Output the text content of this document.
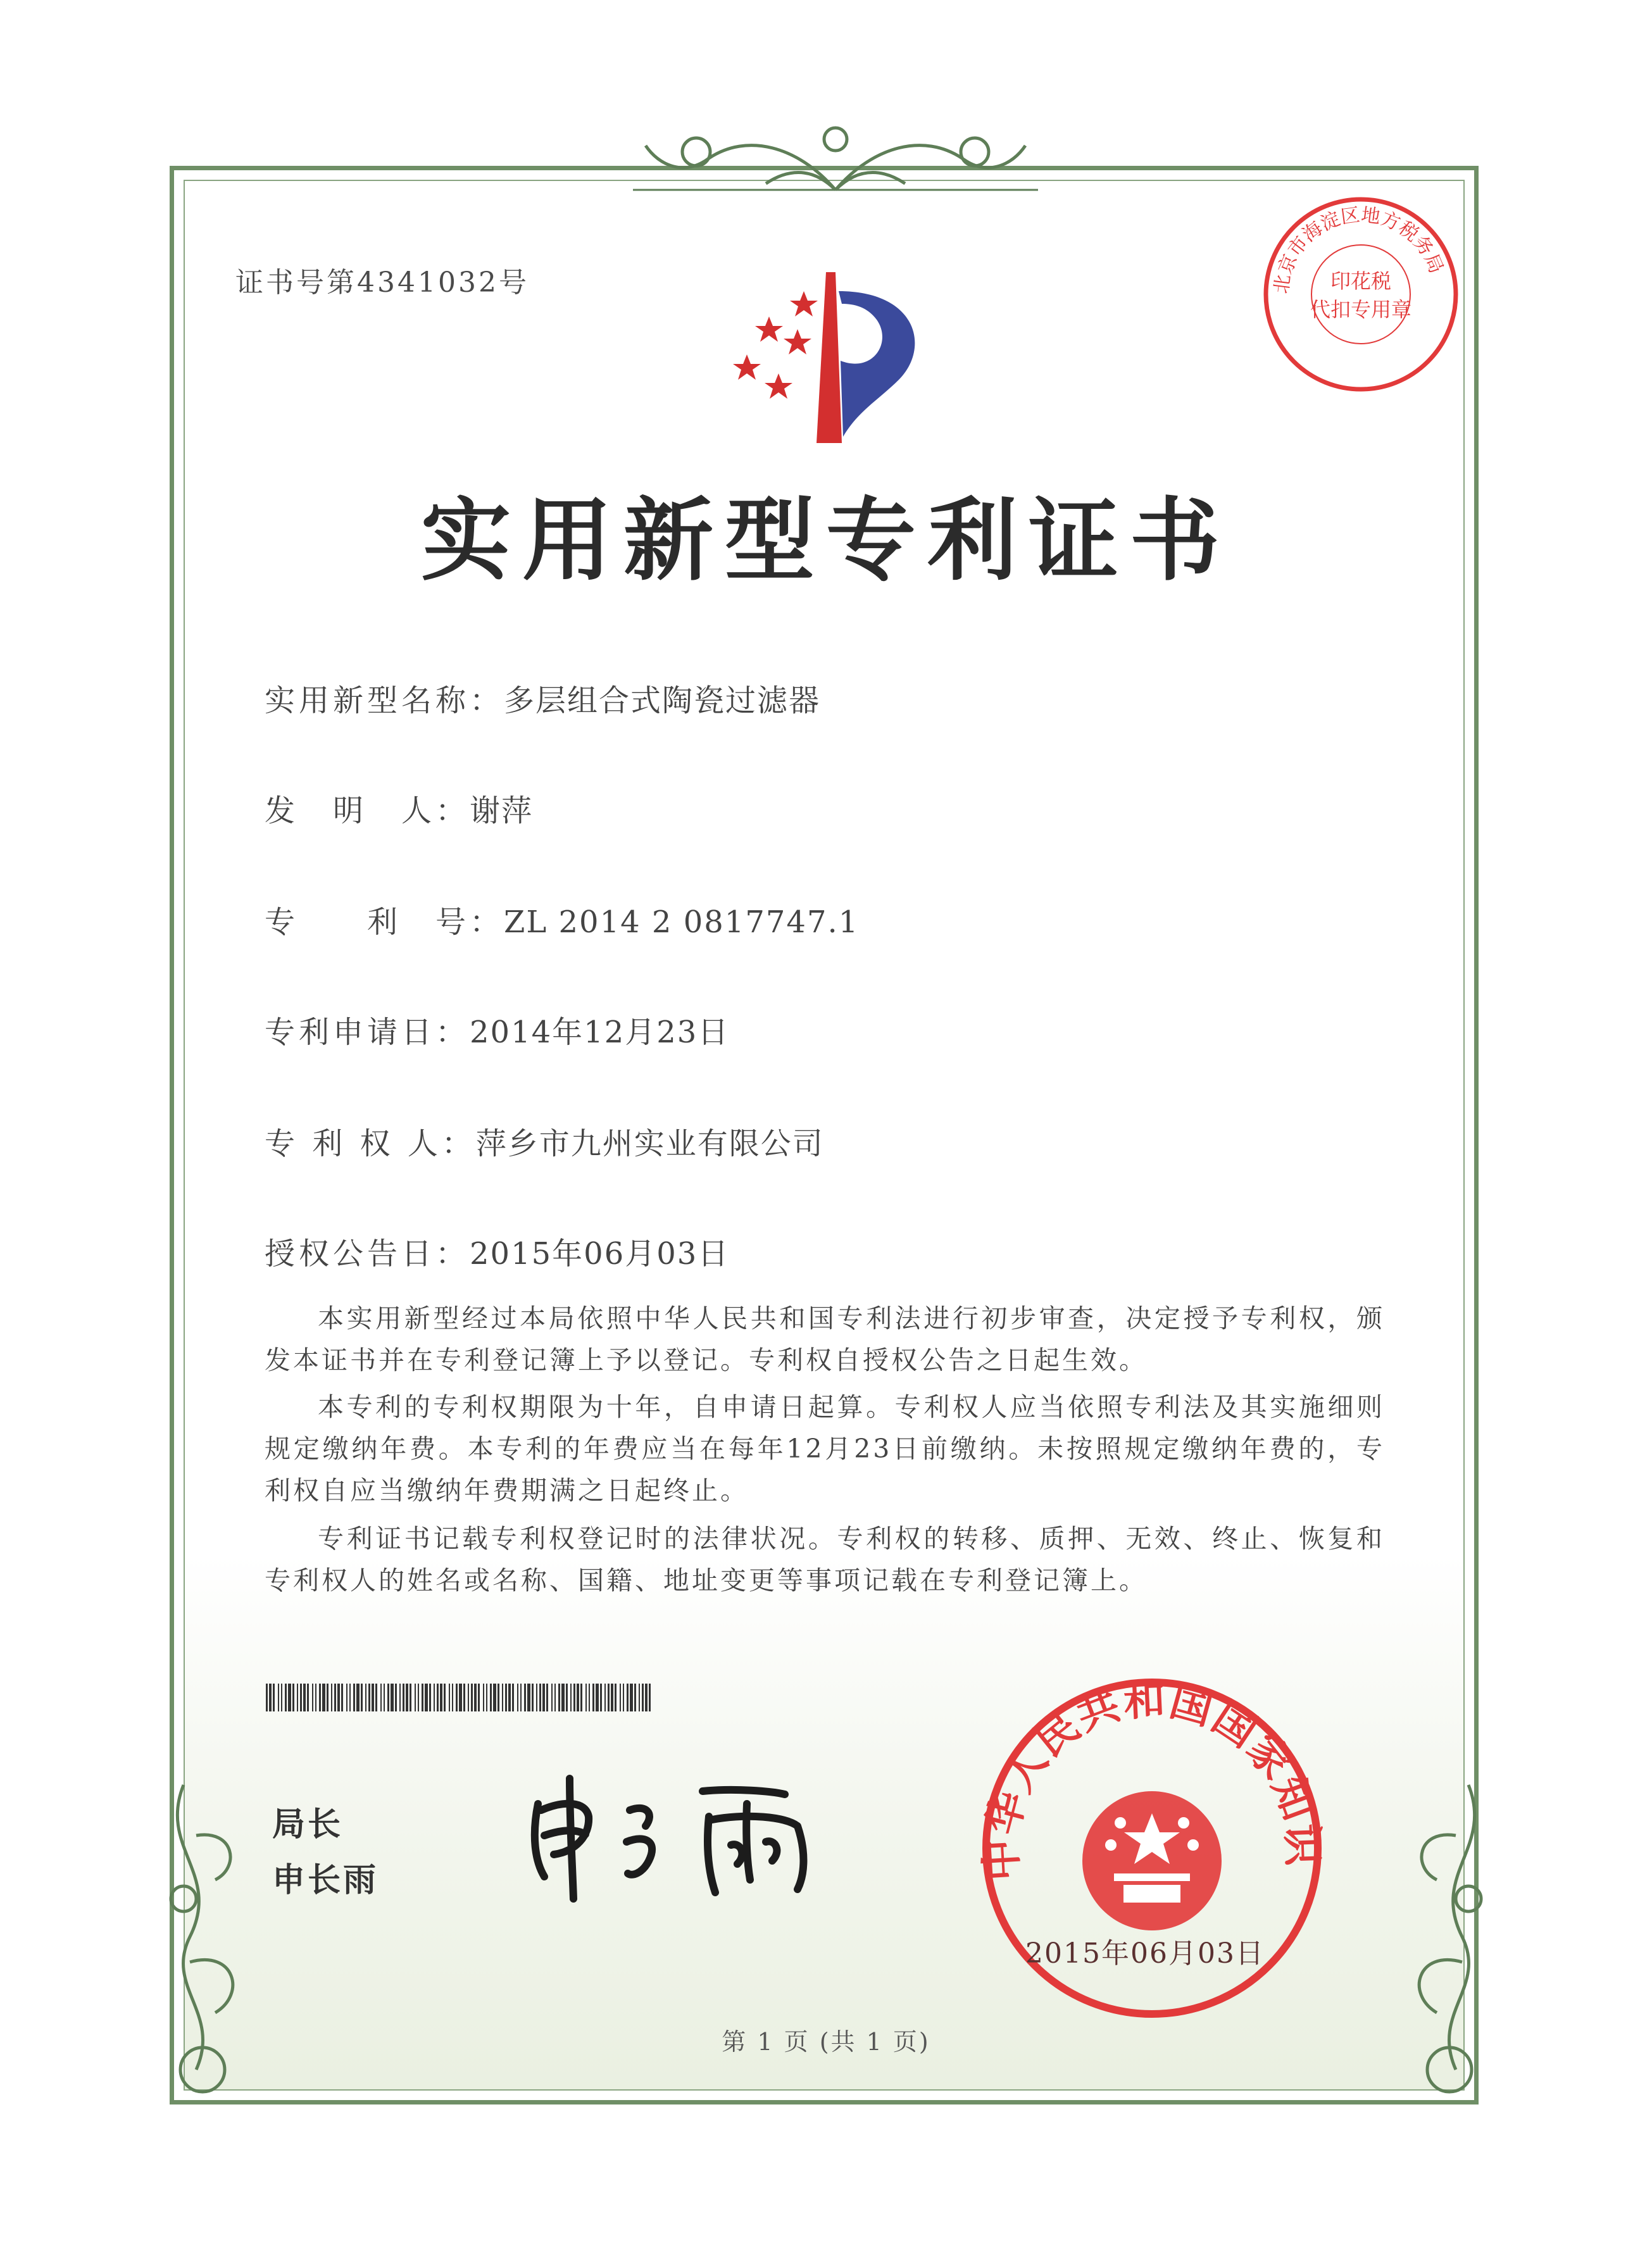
证书号第4341032号	北京市海淀区地方税务局　
印花税
代扣专用章
实用新型专利证书
实用新型名称：多层组合式陶瓷过滤器
发　明　人：谢萍
专　　利　号：ZL 2014 2 0817747.1
专利申请日：2014年12月23日
专 利 权 人：萍乡市九州实业有限公司
授权公告日：2015年06月03日
本实用新型经过本局依照中华人民共和国专利法进行初步审查，决定授予专利权，颁发本证书并在专利登记簿上予以登记。专利权自授权公告之日起生效。
本专利的专利权期限为十年，自申请日起算。专利权人应当依照专利法及其实施细则规定缴纳年费。本专利的年费应当在每年12月23日前缴纳。未按照规定缴纳年费的，专利权自应当缴纳年费期满之日起终止。
专利证书记载专利权登记时的法律状况。专利权的转移、质押、无效、终止、恢复和专利权人的姓名或名称、国籍、地址变更等事项记载在专利登记簿上。
局长
申长雨	中华人民共和国国家知识
2015年06月03日
第 1 页 (共 1 页)
